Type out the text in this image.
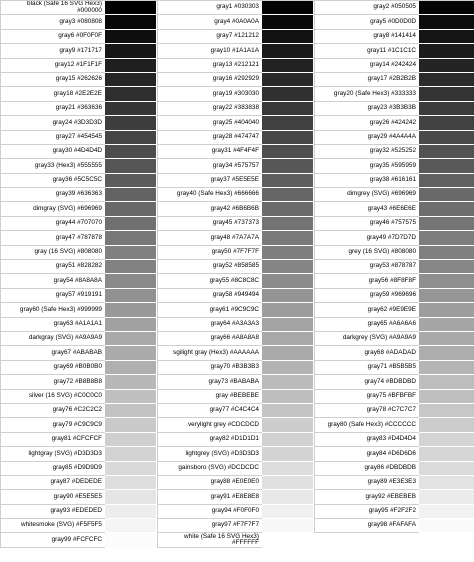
black (Safe 16 SVG Hex3) #000000	gray1 #030303	gray2 #050505
gray3 #080808	gray4 #0A0A0A	gray5 #0D0D0D
gray6 #0F0F0F	gray7 #121212	gray8 #141414
gray9 #171717	gray10 #1A1A1A	gray11 #1C1C1C
gray12 #1F1F1F	gray13 #212121	gray14 #242424
gray15 #262626	gray16 #292929	gray17 #2B2B2B
gray18 #2E2E2E	gray19 #303030	gray20 (Safe Hex3) #333333
gray21 #363636	gray22 #383838	gray23 #3B3B3B
gray24 #3D3D3D	gray25 #404040	gray26 #424242
gray27 #454545	gray28 #474747	gray29 #4A4A4A
gray30 #4D4D4D	gray31 #4F4F4F	gray32 #525252
gray33 (Hex3) #555555	gray34 #575757	gray35 #595959
gray36 #5C5C5C	gray37 #5E5E5E	gray38 #616161
gray39 #636363	gray40 (Safe Hex3) #666666	dimgrey (SVG) #696969
dimgray (SVG) #696969	gray42 #6B6B6B	gray43 #6E6E6E
gray44 #707070	gray45 #737373	gray46 #757575
gray47 #787878	gray48 #7A7A7A	gray49 #7D7D7D
gray (16 SVG) #808080	gray50 #7F7F7F	grey (16 SVG) #808080
gray51 #828282	gray52 #858585	gray53 #878787
gray54 #8A8A8A	gray55 #8C8C8C	gray56 #8F8F8F
gray57 #919191	gray58 #949494	gray59 #969696
gray60 (Safe Hex3) #999999	gray61 #9C9C9C	gray62 #9E9E9E
gray63 #A1A1A1	gray64 #A3A3A3	gray65 #A6A6A6
darkgray (SVG) #A9A9A9	gray66 #A8A8A8	darkgrey (SVG) #A9A9A9
gray67 #ABABAB	sgilight gray (Hex3) #AAAAAA	gray68 #ADADAD
gray69 #B0B0B0	gray70 #B3B3B3	gray71 #B5B5B5
gray72 #B8B8B8	gray73 #BABABA	gray74 #BDBDBD
silver (16 SVG) #C0C0C0	gray #BEBEBE	gray75 #BFBFBF
gray76 #C2C2C2	gray77 #C4C4C4	gray78 #C7C7C7
gray79 #C9C9C9	verylight grey #CDCDCD	gray80 (Safe Hex3) #CCCCCC
gray81 #CFCFCF	gray82 #D1D1D1	gray83 #D4D4D4
lightgray (SVG) #D3D3D3	lightgrey (SVG) #D3D3D3	gray84 #D6D6D6
gray85 #D9D9D9	gainsboro (SVG) #DCDCDC	gray86 #DBDBDB
gray87 #DEDEDE	gray88 #E0E0E0	gray89 #E3E3E3
gray90 #E5E5E5	gray91 #E8E8E8	gray92 #EBEBEB
gray93 #EDEDED	gray94 #F0F0F0	gray95 #F2F2F2
whitesmoke (SVG) #F5F5F5	gray97 #F7F7F7	gray98 #FAFAFA
gray99 #FCFCFC	white (Safe 16 SVG Hex3) #FFFFFF
